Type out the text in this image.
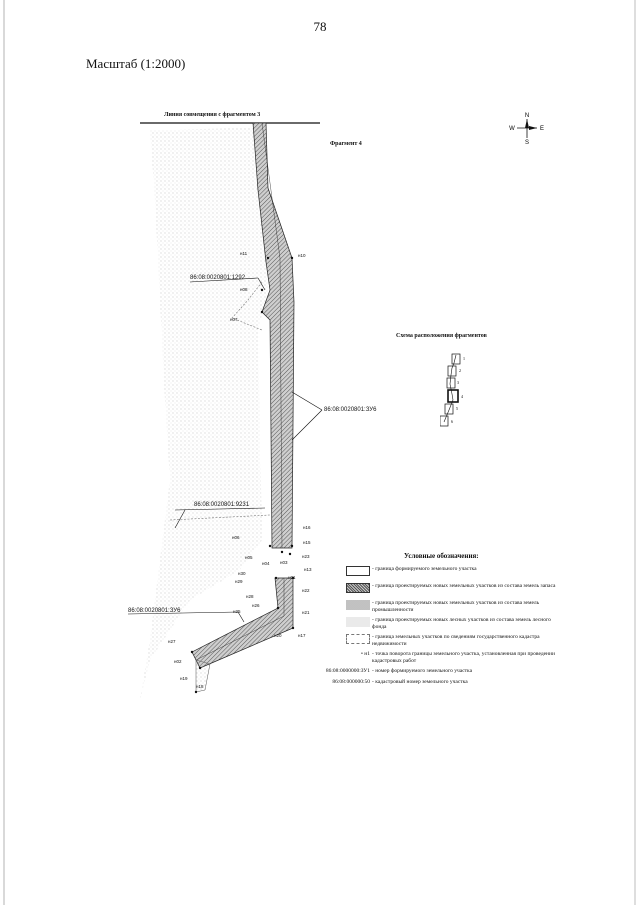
78
Масштаб (1:2000)
Линия совмещения с фрагментом 3
Фрагмент 4
N
S
W	E
86:08:0020801:1292
86:08:0020801:ЗУ6
86:08:0020801:9231
86:08:0020801:ЗУ6
н11	н10
н08
н07
н06
н16
н15
н05
н04 н03
н23
н13
н30
н29
н28
н22
н26
н25	н21
н20	н17
н27
н02
н19
н18
н01
Схема расположения фрагментов
1
2
3
4
5
6
Условные обозначения:
- граница формируемого земельного участка
- граница проектируемых новых земельных участков из состава земель запаса
- граница проектируемых новых земельных участков из состава земель промышленности
- граница проектируемых новых лесных участков из состава земель лесного фонда
- граница земельных участков по сведениям государственного кадастра недвижимости
• н1 - точка поворота границы земельного участка, установленная при проведении кадастровых работ
86:08:0000000:ЗУ1 - номер формируемого земельного участка
86:08:000000:50 - кадастровый номер земельного участка
